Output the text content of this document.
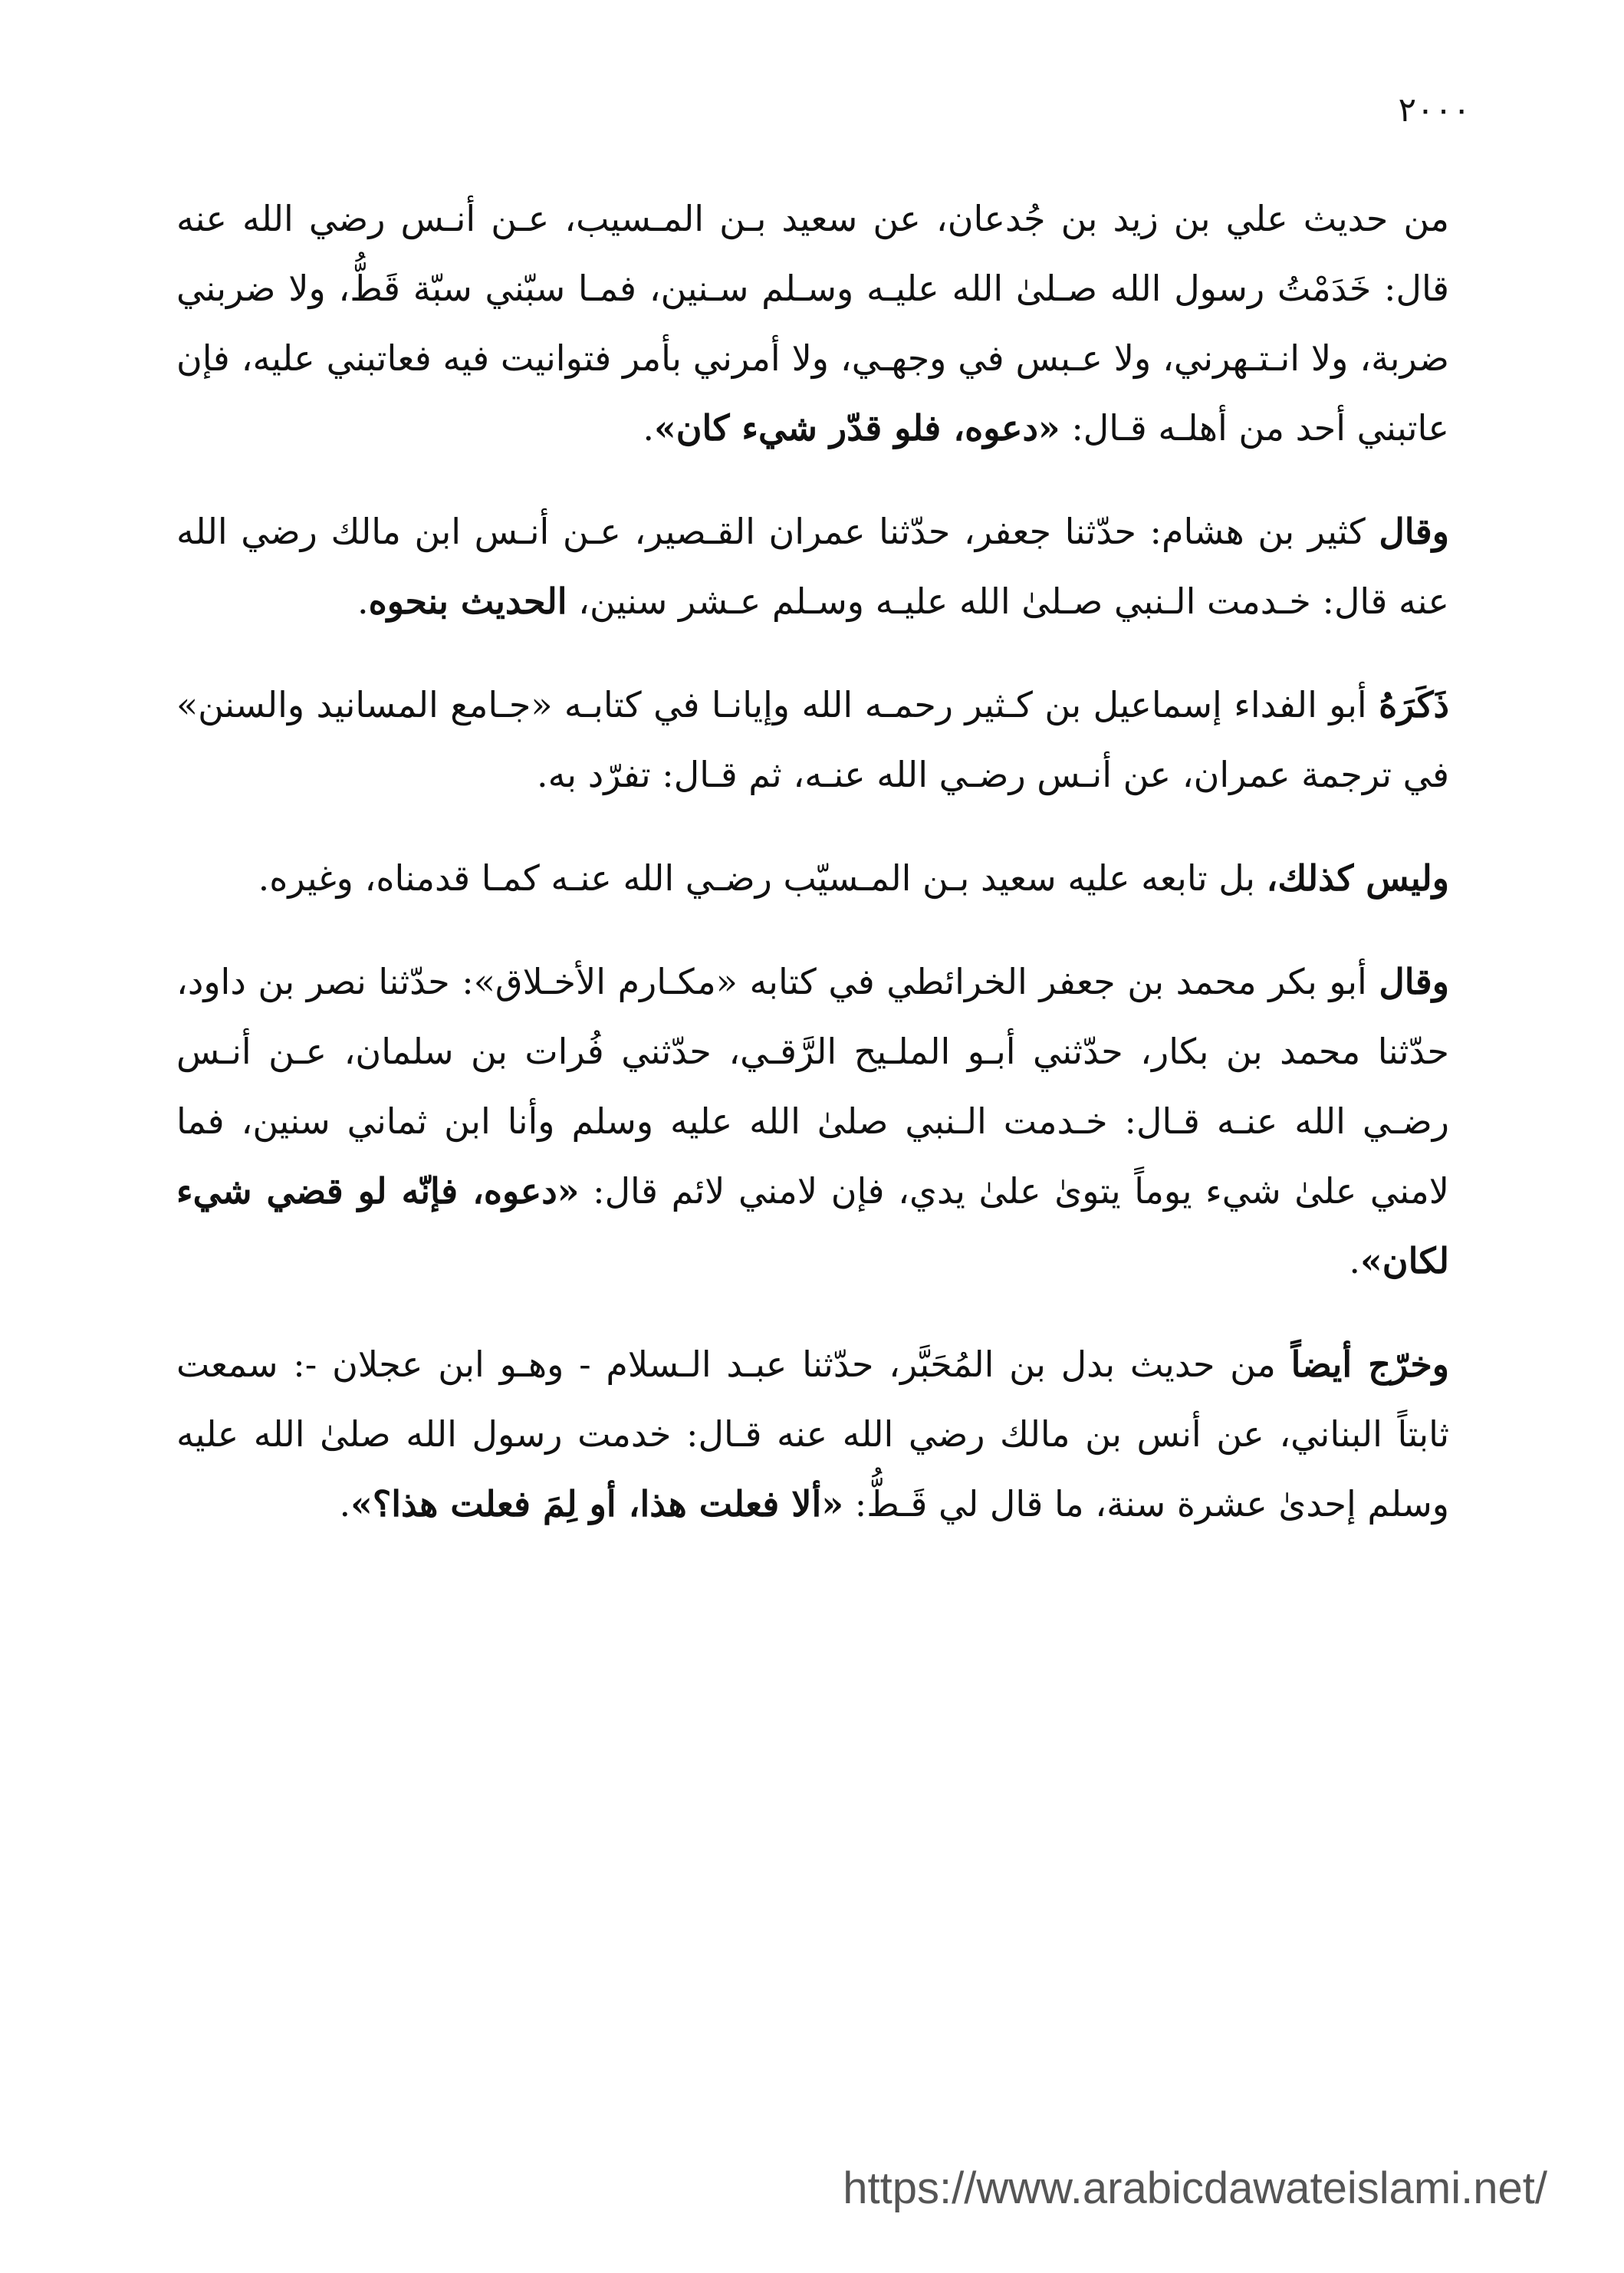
٢٠٠٠

من حديث علي بن زيد بن جُدعان، عن سعيد بـن المـسيب، عـن أنـس رضي الله عنه قال: خَدَمْتُ رسول الله صـلىٰ الله عليـه وسـلم سـنين، فمـا سبّني سبّة قَطُّ، ولا ضربني ضربة، ولا انـتـهرني، ولا عـبس في وجهـي، ولا أمرني بأمر فتوانيت فيه فعاتبني عليه، فإن عاتبني أحد من أهلـه قـال: «دعوه، فلو قدّر شيء كان».

وقال كثير بن هشام: حدّثنا جعفر، حدّثنا عمران القـصير، عـن أنـس ابن مالك رضي الله عنه قال: خـدمت الـنبي صـلىٰ الله عليـه وسـلم عـشر سنين، الحديث بنحوه.

ذَكَرَهُ أبو الفداء إسماعيل بن كـثير رحمـه الله وإيانـا في كتابـه «جـامع المسانيد والسنن» في ترجمة عمران، عن أنـس رضـي الله عنـه، ثم قـال: تفرّد به.

وليس كذلك، بل تابعه عليه سعيد بـن المـسيّب رضـي الله عنـه كمـا قدمناه، وغيره.

وقال أبو بكر محمد بن جعفر الخرائطي في كتابه «مكـارم الأخـلاق»: حدّثنا نصر بن داود، حدّثنا محمد بن بكار، حدّثني أبـو الملـيح الرَّقـي، حدّثني فُرات بن سلمان، عـن أنـس رضـي الله عنـه قـال: خـدمت الـنبي صلىٰ الله عليه وسلم وأنا ابن ثماني سنين، فما لامني علىٰ شيء يوماً يتوىٰ علىٰ يدي، فإن لامني لائم قال: «دعوه، فإنّه لو قضي شيء لكان».

وخرّج أيضاً من حديث بدل بن المُحَبَّر، حدّثنا عبـد الـسلام - وهـو ابن عجلان -: سمعت ثابتاً البناني، عن أنس بن مالك رضي الله عنه قـال: خدمت رسول الله صلىٰ الله عليه وسلم إحدىٰ عشرة سنة، ما قال لي قَـطُّ: «ألا فعلت هذا، أو لِمَ فعلت هذا؟».

https://www.arabicdawateislami.net/
